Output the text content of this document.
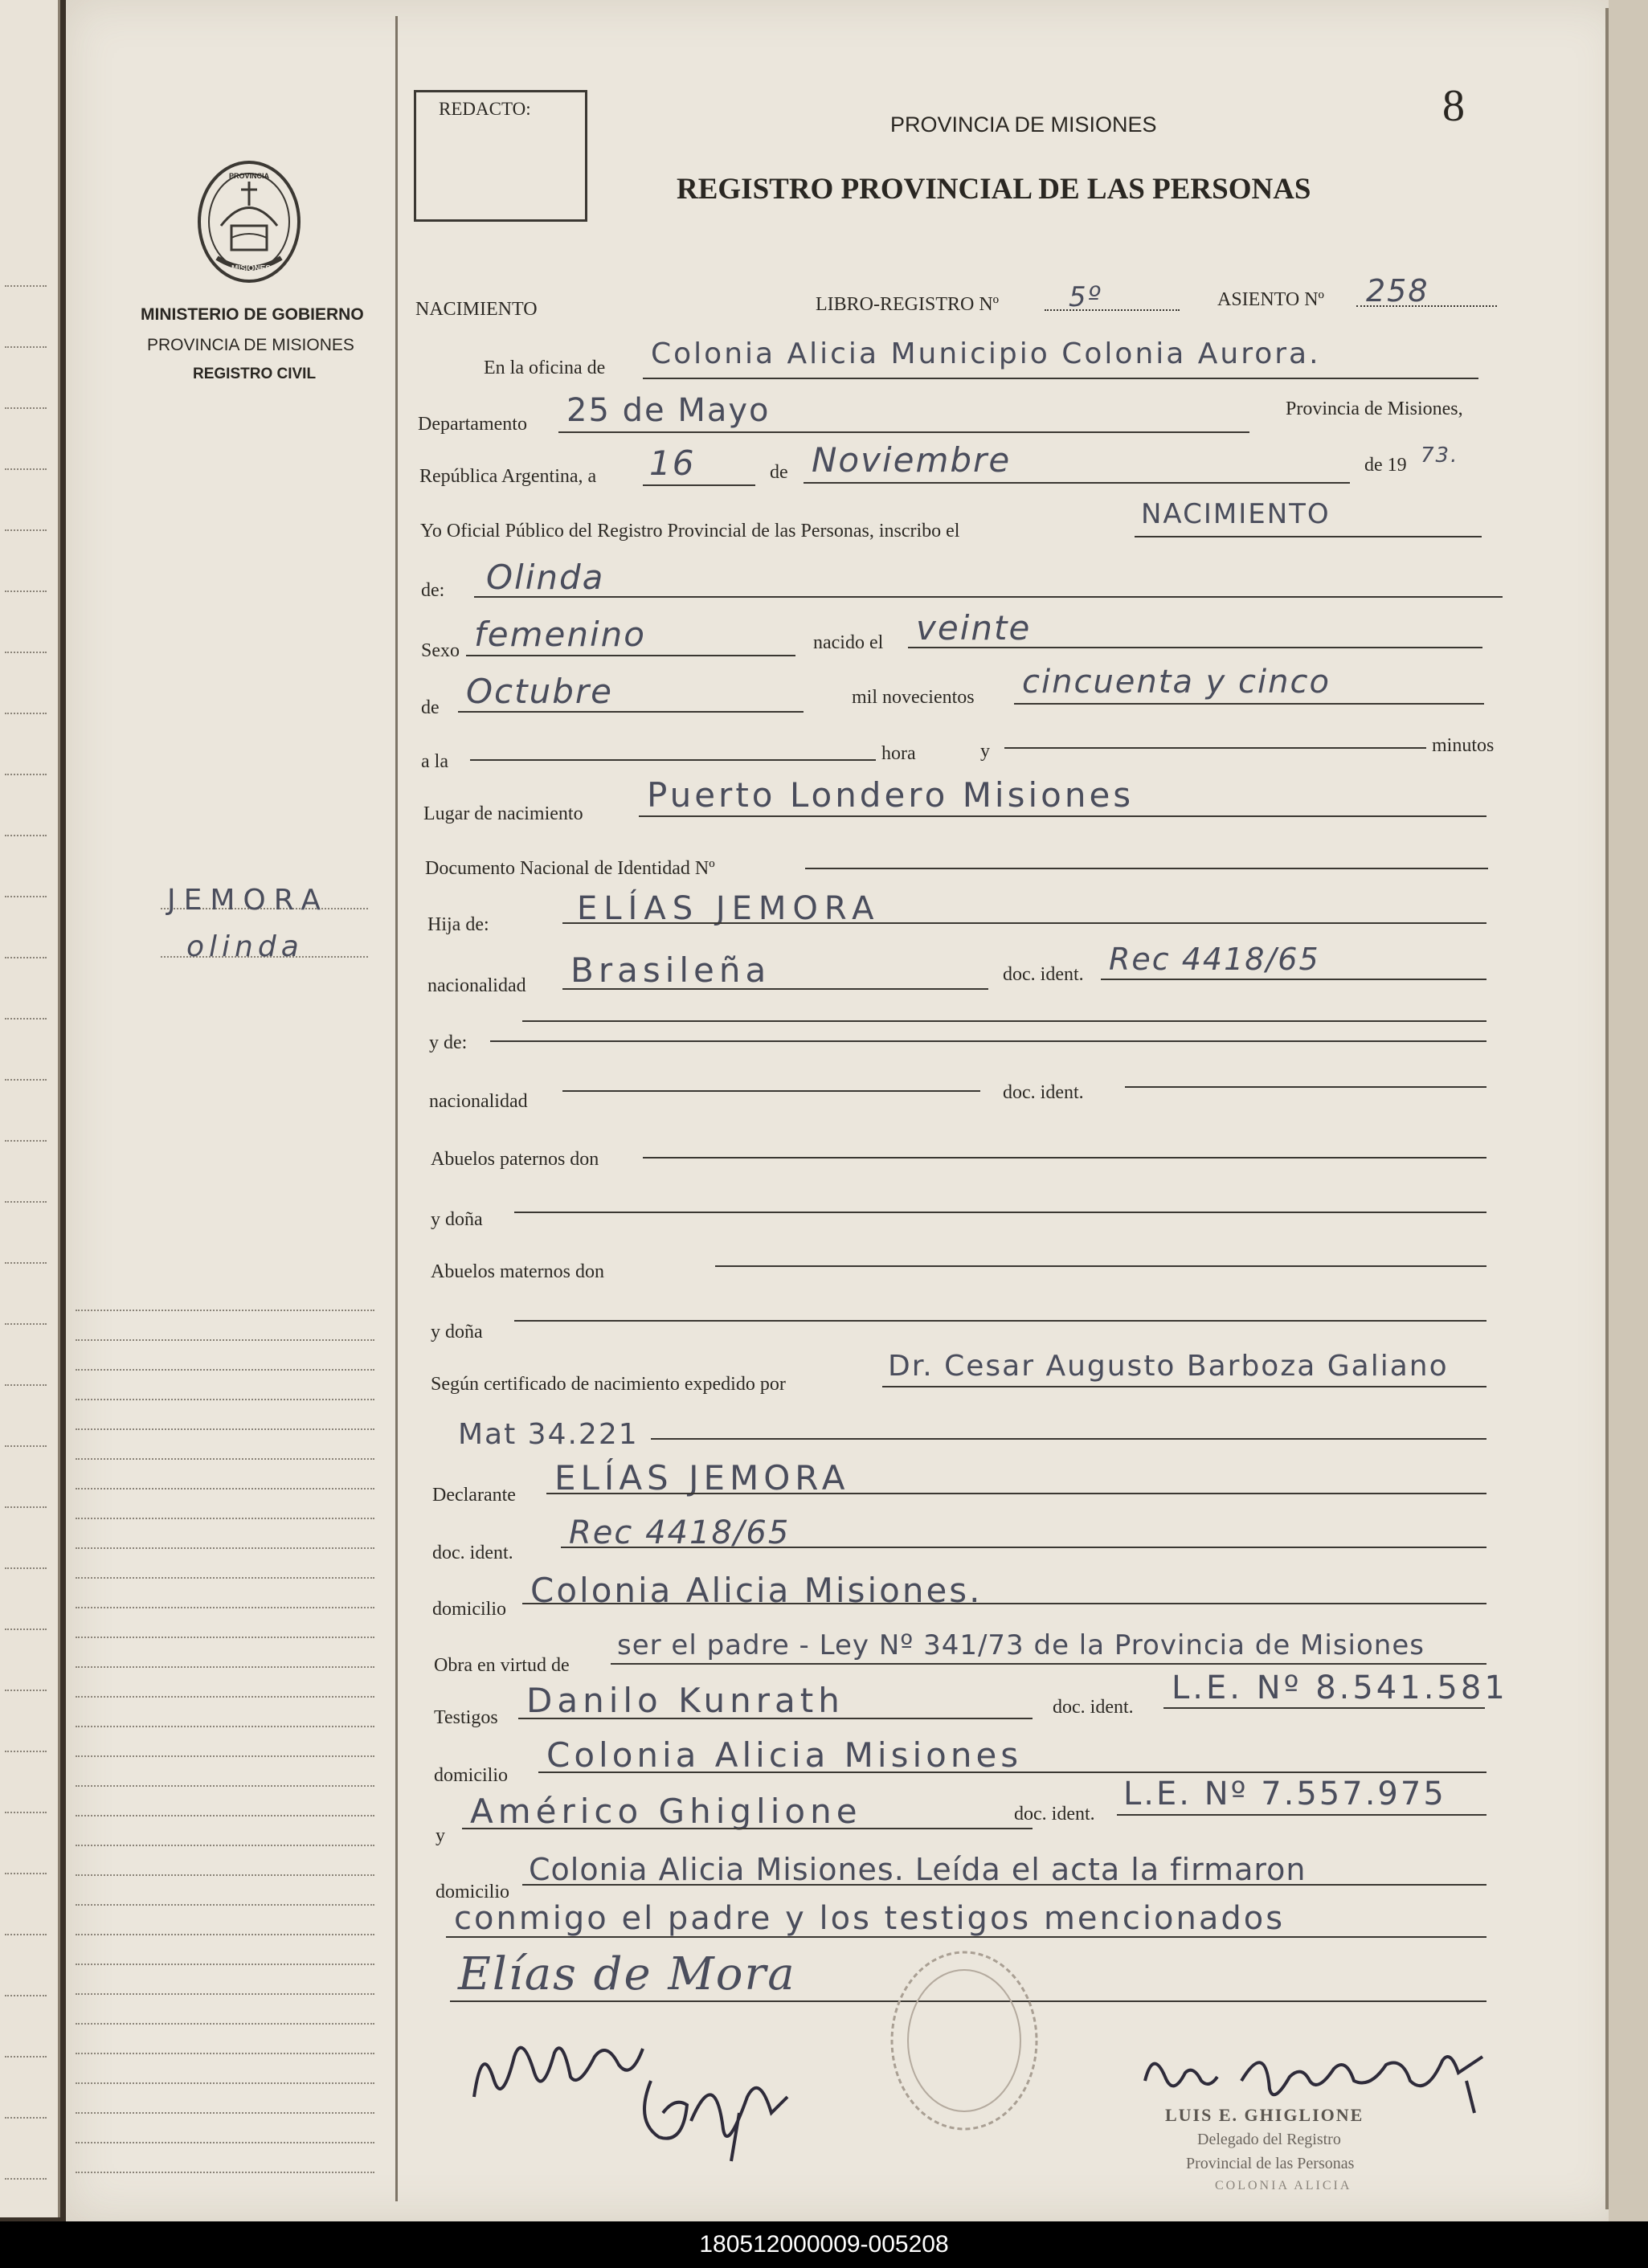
PROVINCIA
MISIONES
MINISTERIO DE GOBIERNO
PROVINCIA DE MISIONES
REGISTRO CIVIL
JEMORA
olinda
REDACTO:	8
PROVINCIA DE MISIONES
REGISTRO PROVINCIAL DE LAS PERSONAS
NACIMIENTO	LIBRO-REGISTRO Nº	5º	ASIENTO Nº 258
En la oficina de Colonia Alicia Municipio Colonia Aurora.
Departamento 25 de Mayo	Provincia de Misiones,
República Argentina, a 16	de Noviembre	de 19 73.
Yo Oficial Público del Registro Provincial de las Personas, inscribo el
NACIMIENTO
de: Olinda
Sexo femenino	nacido el veinte
de Octubre	mil novecientos cincuenta y cinco
a la	hora	y	minutos
Lugar de nacimiento Puerto Londero Misiones
Documento Nacional de Identidad Nº
Hija de:	ELÍAS JEMORA
nacionalidad Brasileña	doc. ident. Rec 4418/65
y de:
nacionalidad	doc. ident.
Abuelos paternos don
y doña
Abuelos maternos don
y doña
Según certificado de nacimiento expedido por
Dr. Cesar Augusto Barboza Galiano
Mat 34.221
Declarante ELÍAS JEMORA
doc. ident.
Rec 4418/65
domicilio Colonia Alicia Misiones.
Obra en virtud de
ser el padre - Ley Nº 341/73 de la Provincia de Misiones
Testigos Danilo Kunrath	doc. ident.
L.E. Nº 8.541.581
domicilio
Colonia Alicia Misiones
y
Américo Ghiglione	doc. ident.
L.E. Nº 7.557.975
domicilio
Colonia Alicia Misiones. Leída el acta la firmaron
conmigo el padre y los testigos mencionados
Elías de Mora
LUIS E. GHIGLIONE
Delegado del Registro
Provincial de las Personas
COLONIA ALICIA
180512000009-005208
